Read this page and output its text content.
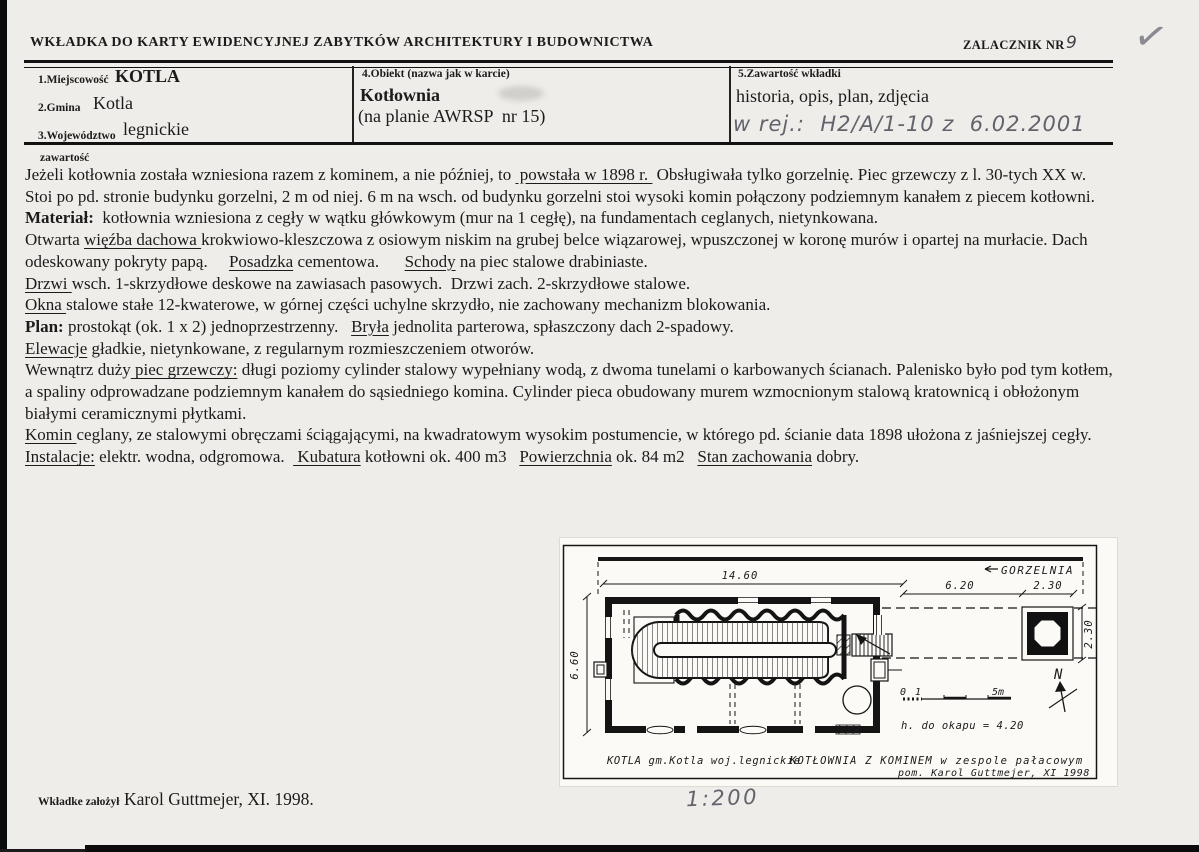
WKŁADKA DO KARTY EWIDENCYJNEJ ZABYTKÓW ARCHITEKTURY I BUDOWNICTWA	ZALACZNIK NR 9 ✓
1.Miejscowość KOTLA
2.Gmina Kotla
3.Województwo legnickie
4.Obiekt (nazwa jak w karcie)
Kotłownia
(na planie AWRSP  nr 15)
5.Zawartość wkładki
historia, opis, plan, zdjęcia
w rej.:  H2/A/1-10 z  6.02.2001
zawartość
Jeżeli kotłownia została wzniesiona razem z kominem, a nie później, to  powstała w 1898 r.  Obsługiwała tylko gorzelnię. Piec grzewczy z l. 30-tych XX w.
Stoi po pd. stronie budynku gorzelni, 2 m od niej. 6 m na wsch. od budynku gorzelni stoi wysoki komin połączony podziemnym kanałem z piecem kotłowni.
Materiał:  kotłownia wzniesiona z cegły w wątku główkowym (mur na 1 cegłę), na fundamentach ceglanych, nietynkowana.
Otwarta więźba dachowa krokwiowo-kleszczowa z osiowym niskim na grubej belce wiązarowej, wpuszczonej w koronę murów i opartej na murłacie. Dach
odeskowany pokryty papą.     Posadzka cementowa.      Schody na piec stalowe drabiniaste.
Drzwi wsch. 1-skrzydłowe deskowe na zawiasach pasowych.  Drzwi zach. 2-skrzydłowe stalowe.
Okna stalowe stałe 12-kwaterowe, w górnej części uchylne skrzydło, nie zachowany mechanizm blokowania.
Plan: prostokąt (ok. 1 x 2) jednoprzestrzenny.   Bryła jednolita parterowa, spłaszczony dach 2-spadowy.
Elewacje gładkie, nietynkowane, z regularnym rozmieszczeniem otworów.
Wewnątrz duży piec grzewczy: długi poziomy cylinder stalowy wypełniany wodą, z dwoma tunelami o karbowanych ścianach. Palenisko było pod tym kotłem,
a spaliny odprowadzane podziemnym kanałem do sąsiedniego komina. Cylinder pieca obudowany murem wzmocnionym stalową kratownicą i obłożonym
białymi ceramicznymi płytkami.
Komin ceglany, ze stalowymi obręczami ściągającymi, na kwadratowym wysokim postumencie, w którego pd. ścianie data 1898 ułożona z jaśniejszej cegły.
Instalacje: elektr. wodna, odgromowa.   Kubatura kotłowni ok. 400 m3   Powierzchnia ok. 84 m2   Stan zachowania dobry.
GORZELNIA
14.60
6.20	2.30
6.60
2.30
0 1	5m
h. do okapu = 4.20
N
KOTLA gm.Kotla woj.legnickie
KOTŁOWNIA Z KOMINEM w zespole pałacowym
pom. Karol Guttmejer, XI 1998
1:200
Wkładke założył Karol Guttmejer, XI. 1998.
